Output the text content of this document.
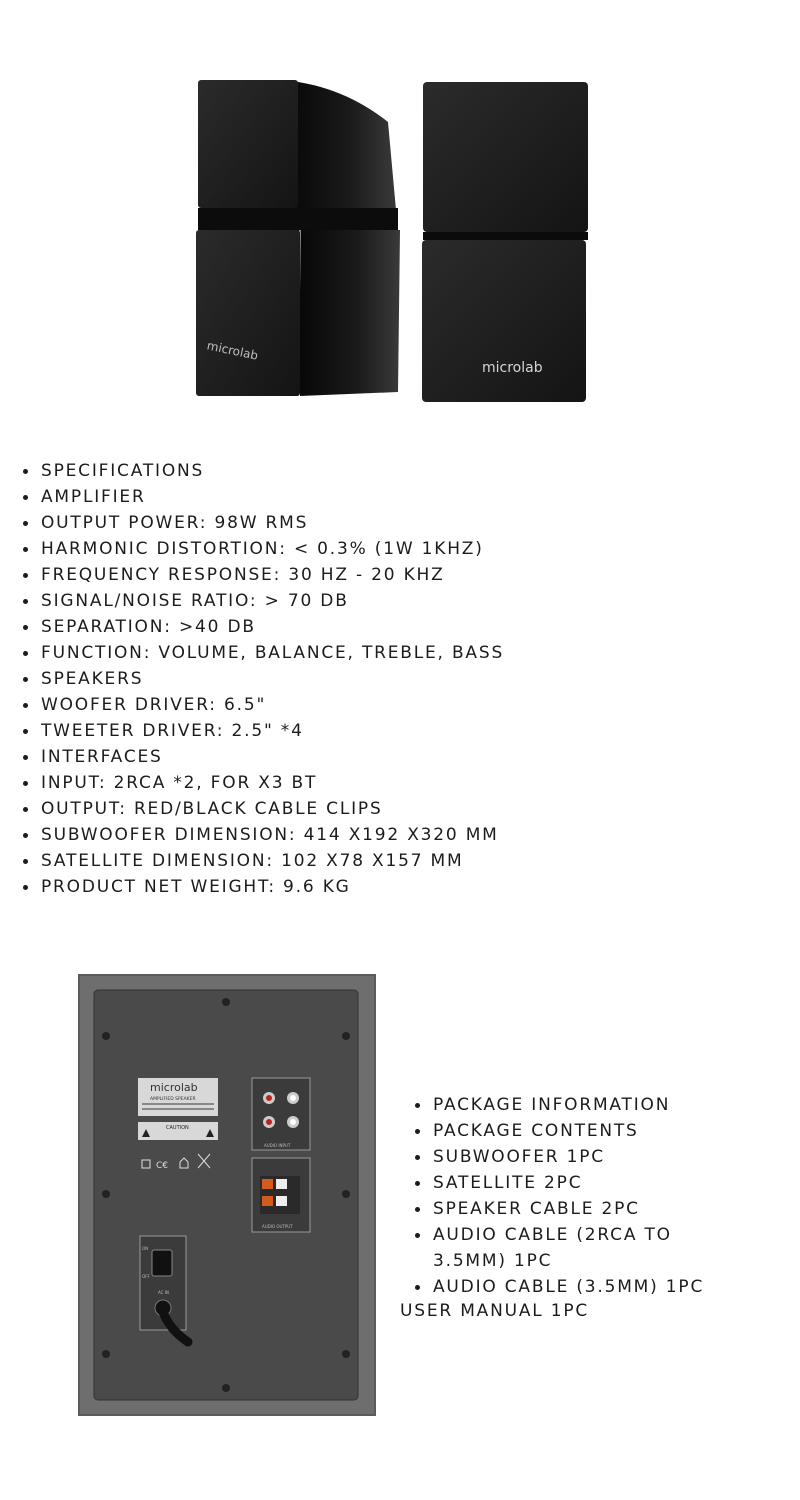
microlab
microlab
SPECIFICATIONS
AMPLIFIER
OUTPUT POWER: 98W RMS
HARMONIC DISTORTION: < 0.3% (1W 1KHZ)
FREQUENCY RESPONSE: 30 HZ - 20 KHZ
SIGNAL/NOISE RATIO: > 70 DB
SEPARATION: >40 DB
FUNCTION: VOLUME, BALANCE, TREBLE, BASS
SPEAKERS
WOOFER DRIVER: 6.5"
TWEETER DRIVER: 2.5" *4
INTERFACES
INPUT: 2RCA *2, FOR X3 BT
OUTPUT: RED/BLACK CABLE CLIPS
SUBWOOFER DIMENSION: 414 X192 X320 MM
SATELLITE DIMENSION: 102 X78 X157 MM
PRODUCT NET WEIGHT: 9.6 KG
microlab
AMPLIFIED SPEAKER
CAUTION
C€
AUDIO INPUT
AUDIO OUTPUT
ON
OFF
AC IN
PACKAGE INFORMATION
PACKAGE CONTENTS
SUBWOOFER 1PC
SATELLITE 2PC
SPEAKER CABLE 2PC
AUDIO CABLE (2RCA TO 3.5MM) 1PC
AUDIO CABLE (3.5MM) 1PC
USER MANUAL 1PC
